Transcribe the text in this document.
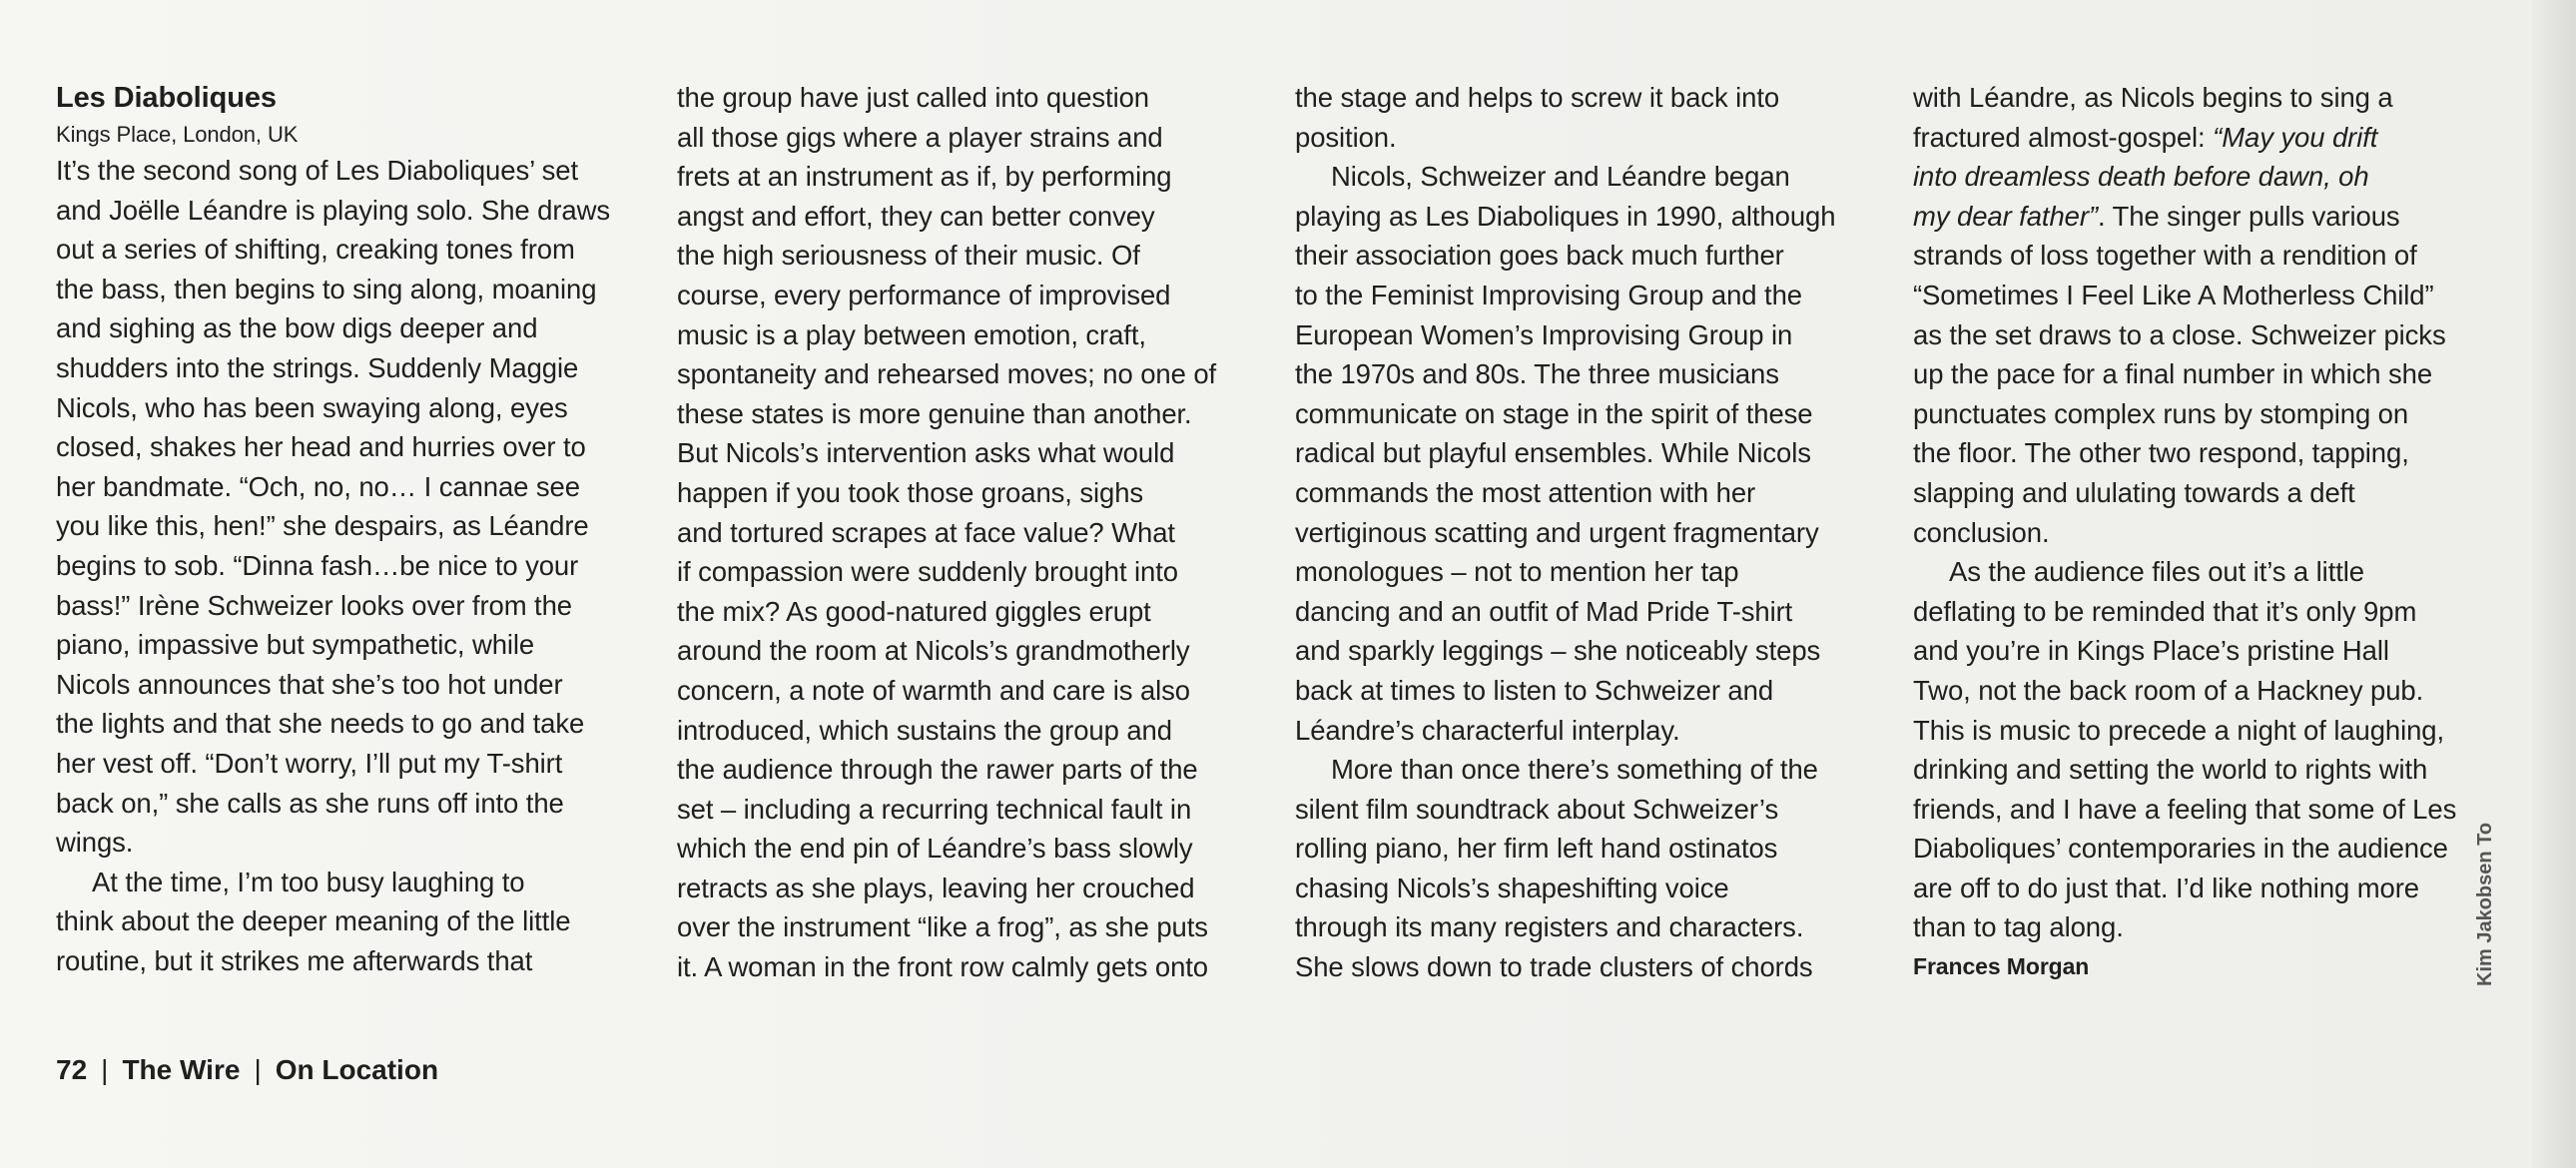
Les Diaboliques
Kings Place, London, UK
It’s the second song of Les Diaboliques’ set
and Joëlle Léandre is playing solo. She draws
out a series of shifting, creaking tones from
the bass, then begins to sing along, moaning
and sighing as the bow digs deeper and
shudders into the strings. Suddenly Maggie
Nicols, who has been swaying along, eyes
closed, shakes her head and hurries over to
her bandmate. “Och, no, no… I cannae see
you like this, hen!” she despairs, as Léandre
begins to sob. “Dinna fash…be nice to your
bass!” Irène Schweizer looks over from the
piano, impassive but sympathetic, while
Nicols announces that she’s too hot under
the lights and that she needs to go and take
her vest off. “Don’t worry, I’ll put my T-shirt
back on,” she calls as she runs off into the
wings.
At the time, I’m too busy laughing to
think about the deeper meaning of the little
routine, but it strikes me afterwards that
the group have just called into question
all those gigs where a player strains and
frets at an instrument as if, by performing
angst and effort, they can better convey
the high seriousness of their music. Of
course, every performance of improvised
music is a play between emotion, craft,
spontaneity and rehearsed moves; no one of
these states is more genuine than another.
But Nicols’s intervention asks what would
happen if you took those groans, sighs
and tortured scrapes at face value? What
if compassion were suddenly brought into
the mix? As good-natured giggles erupt
around the room at Nicols’s grandmotherly
concern, a note of warmth and care is also
introduced, which sustains the group and
the audience through the rawer parts of the
set – including a recurring technical fault in
which the end pin of Léandre’s bass slowly
retracts as she plays, leaving her crouched
over the instrument “like a frog”, as she puts
it. A woman in the front row calmly gets onto
the stage and helps to screw it back into
position.
Nicols, Schweizer and Léandre began
playing as Les Diaboliques in 1990, although
their association goes back much further
to the Feminist Improvising Group and the
European Women’s Improvising Group in
the 1970s and 80s. The three musicians
communicate on stage in the spirit of these
radical but playful ensembles. While Nicols
commands the most attention with her
vertiginous scatting and urgent fragmentary
monologues – not to mention her tap
dancing and an outfit of Mad Pride T-shirt
and sparkly leggings – she noticeably steps
back at times to listen to Schweizer and
Léandre’s characterful interplay.
More than once there’s something of the
silent film soundtrack about Schweizer’s
rolling piano, her firm left hand ostinatos
chasing Nicols’s shapeshifting voice
through its many registers and characters.
She slows down to trade clusters of chords
with Léandre, as Nicols begins to sing a
fractured almost-gospel: “May you drift
into dreamless death before dawn, oh
my dear father”. The singer pulls various
strands of loss together with a rendition of
“Sometimes I Feel Like A Motherless Child”
as the set draws to a close. Schweizer picks
up the pace for a final number in which she
punctuates complex runs by stomping on
the floor. The other two respond, tapping,
slapping and ululating towards a deft
conclusion.
As the audience files out it’s a little
deflating to be reminded that it’s only 9pm
and you’re in Kings Place’s pristine Hall
Two, not the back room of a Hackney pub.
This is music to precede a night of laughing,
drinking and setting the world to rights with
friends, and I have a feeling that some of Les
Diaboliques’ contemporaries in the audience
are off to do just that. I’d like nothing more
than to tag along.
Frances Morgan
72 | The Wire | On Location
Kim Jakobsen To
